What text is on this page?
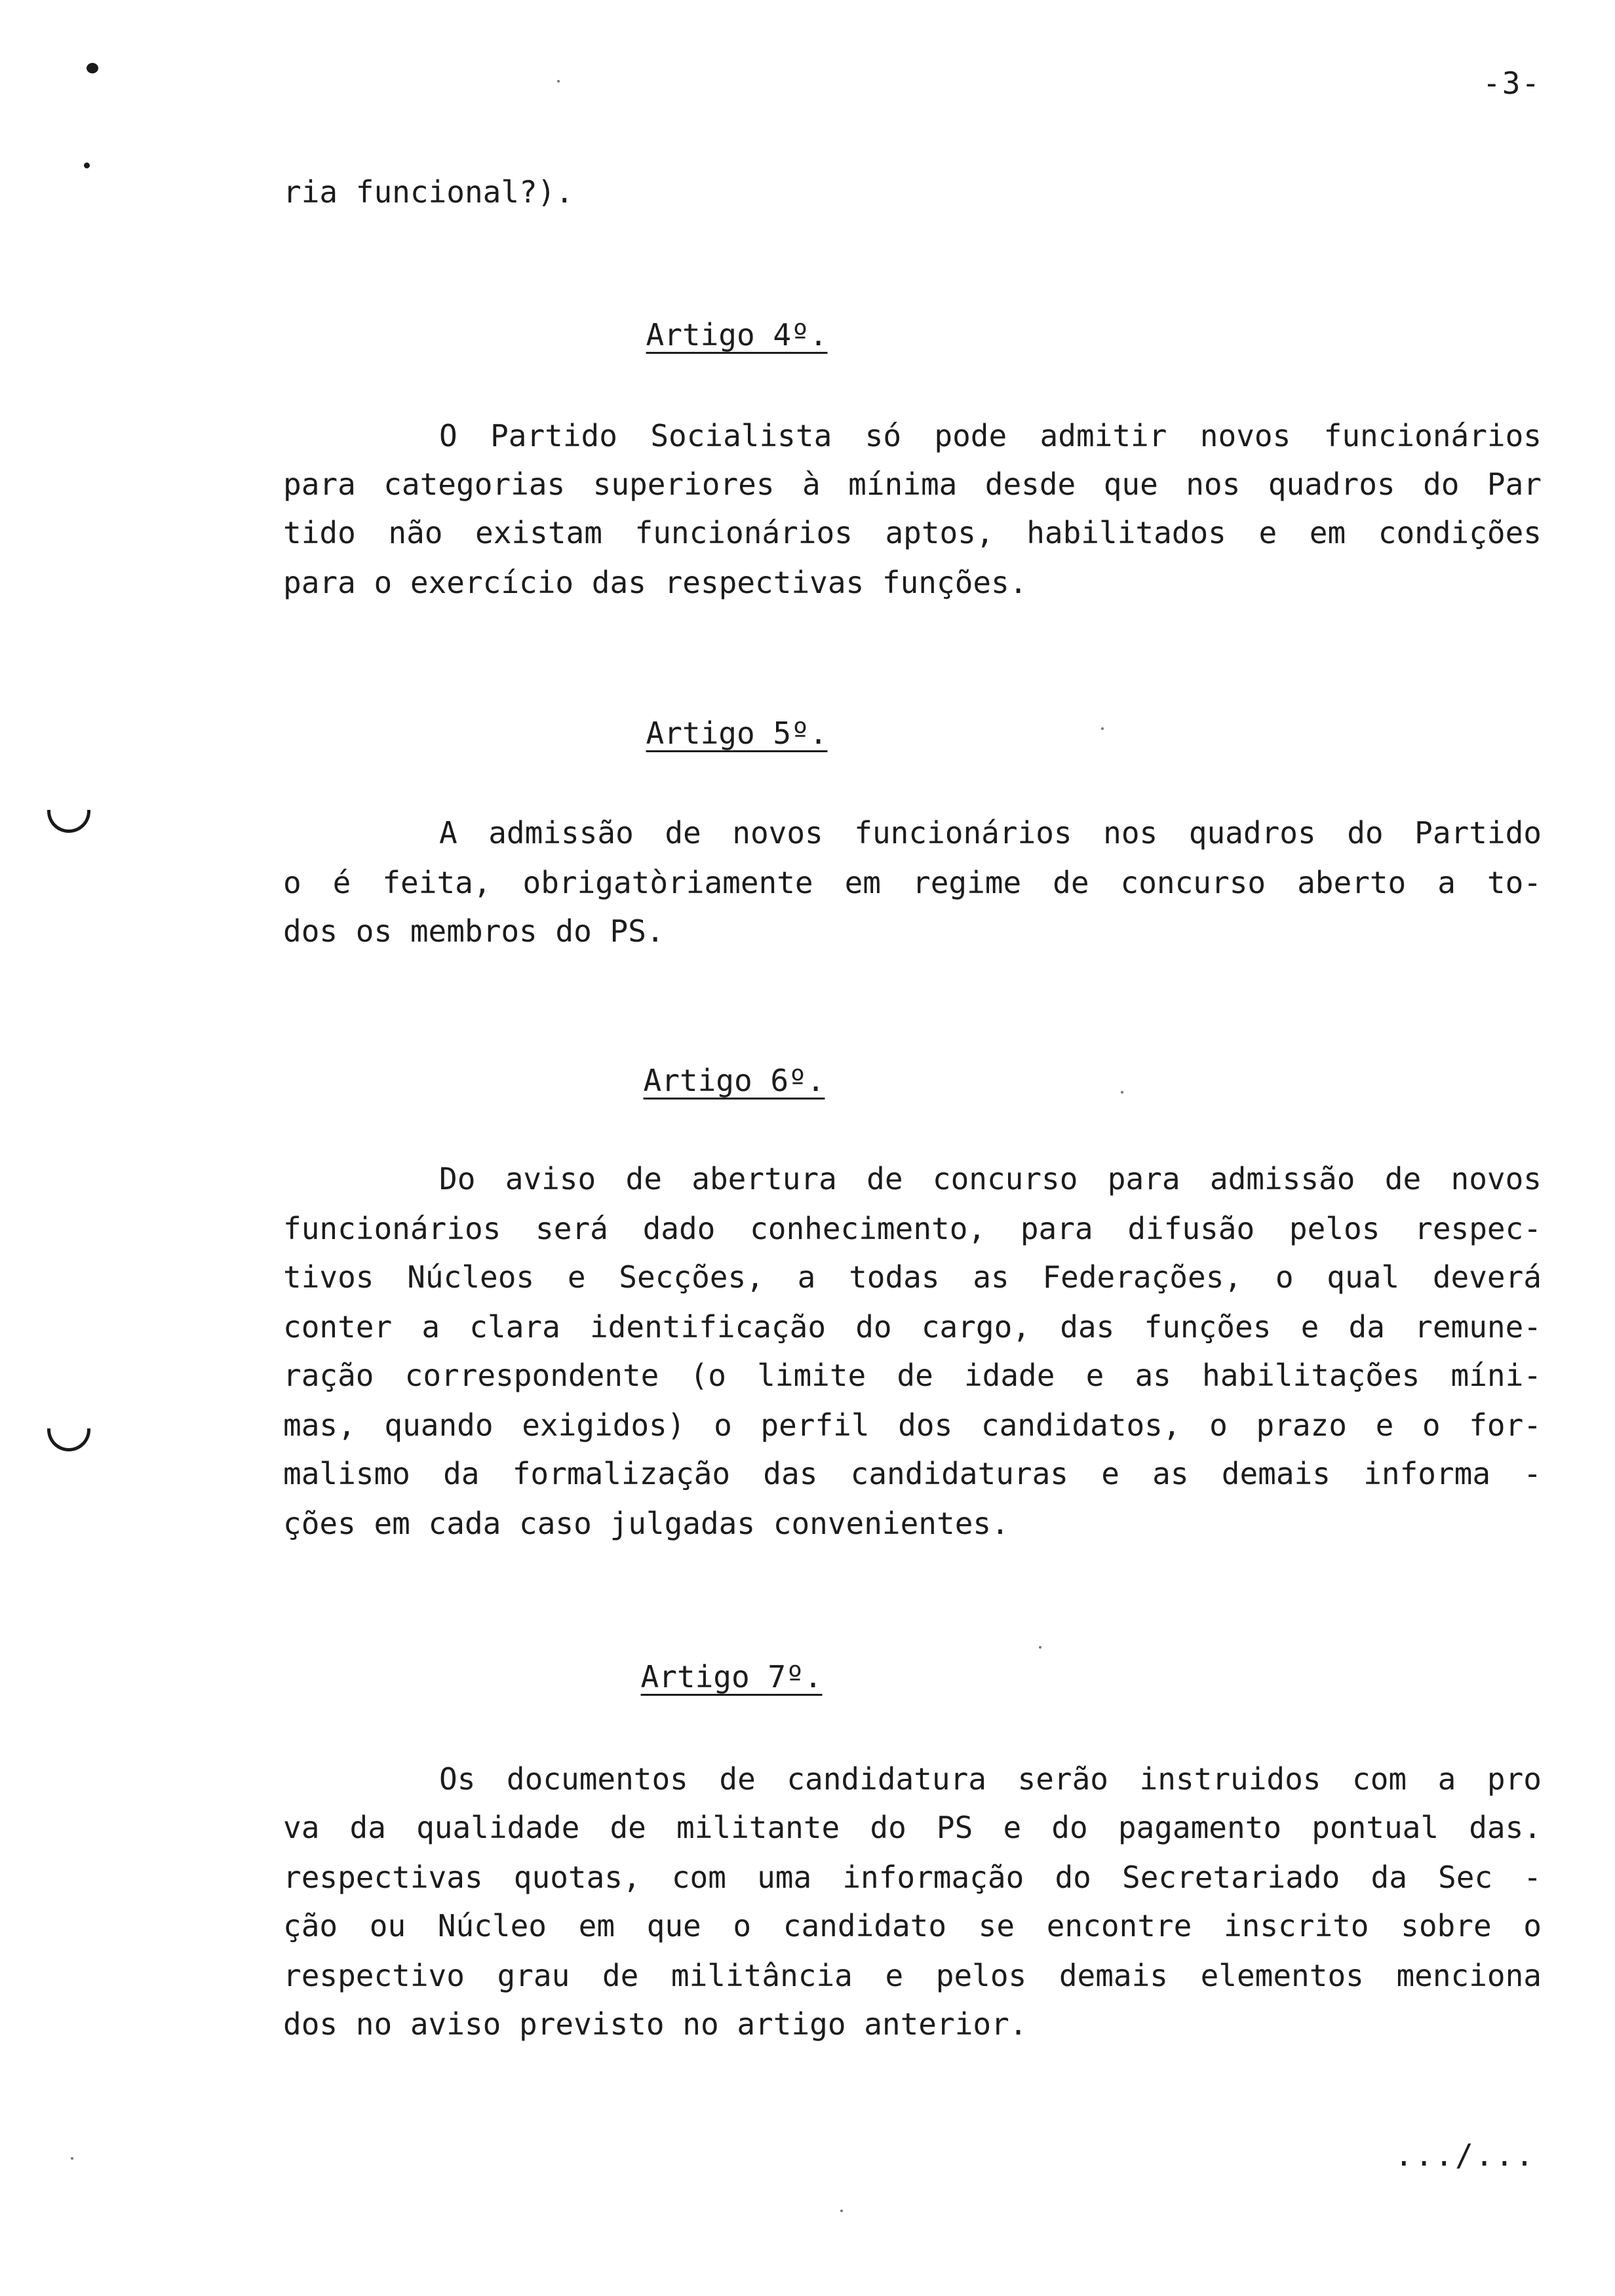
-3-
ria funcional?).
Artigo 4º.
O Partido Socialista só pode admitir novos funcionários
para categorias superiores à mínima desde que nos quadros do Par
tido não existam funcionários aptos, habilitados e em condições
para o exercício das respectivas funções.
Artigo 5º.
A admissão de novos funcionários nos quadros do Partido
o é feita, obrigatòriamente em regime de concurso aberto a to-
dos os membros do PS.
Artigo 6º.
Do aviso de abertura de concurso para admissão de novos
funcionários será dado conhecimento, para difusão pelos respec-
tivos Núcleos e Secções, a todas as Federações, o qual deverá
conter a clara identificação do cargo, das funções e da remune-
ração correspondente (o limite de idade e as habilitações míni-
mas, quando exigidos) o perfil dos candidatos, o prazo e o for-
malismo da formalização das candidaturas e as demais informa -
ções em cada caso julgadas convenientes.
Artigo 7º.
Os documentos de candidatura serão instruidos com a pro
va da qualidade de militante do PS e do pagamento pontual das.
respectivas quotas, com uma informação do Secretariado da Sec -
ção ou Núcleo em que o candidato se encontre inscrito sobre o
respectivo grau de militância e pelos demais elementos menciona
dos no aviso previsto no artigo anterior.
.../...
